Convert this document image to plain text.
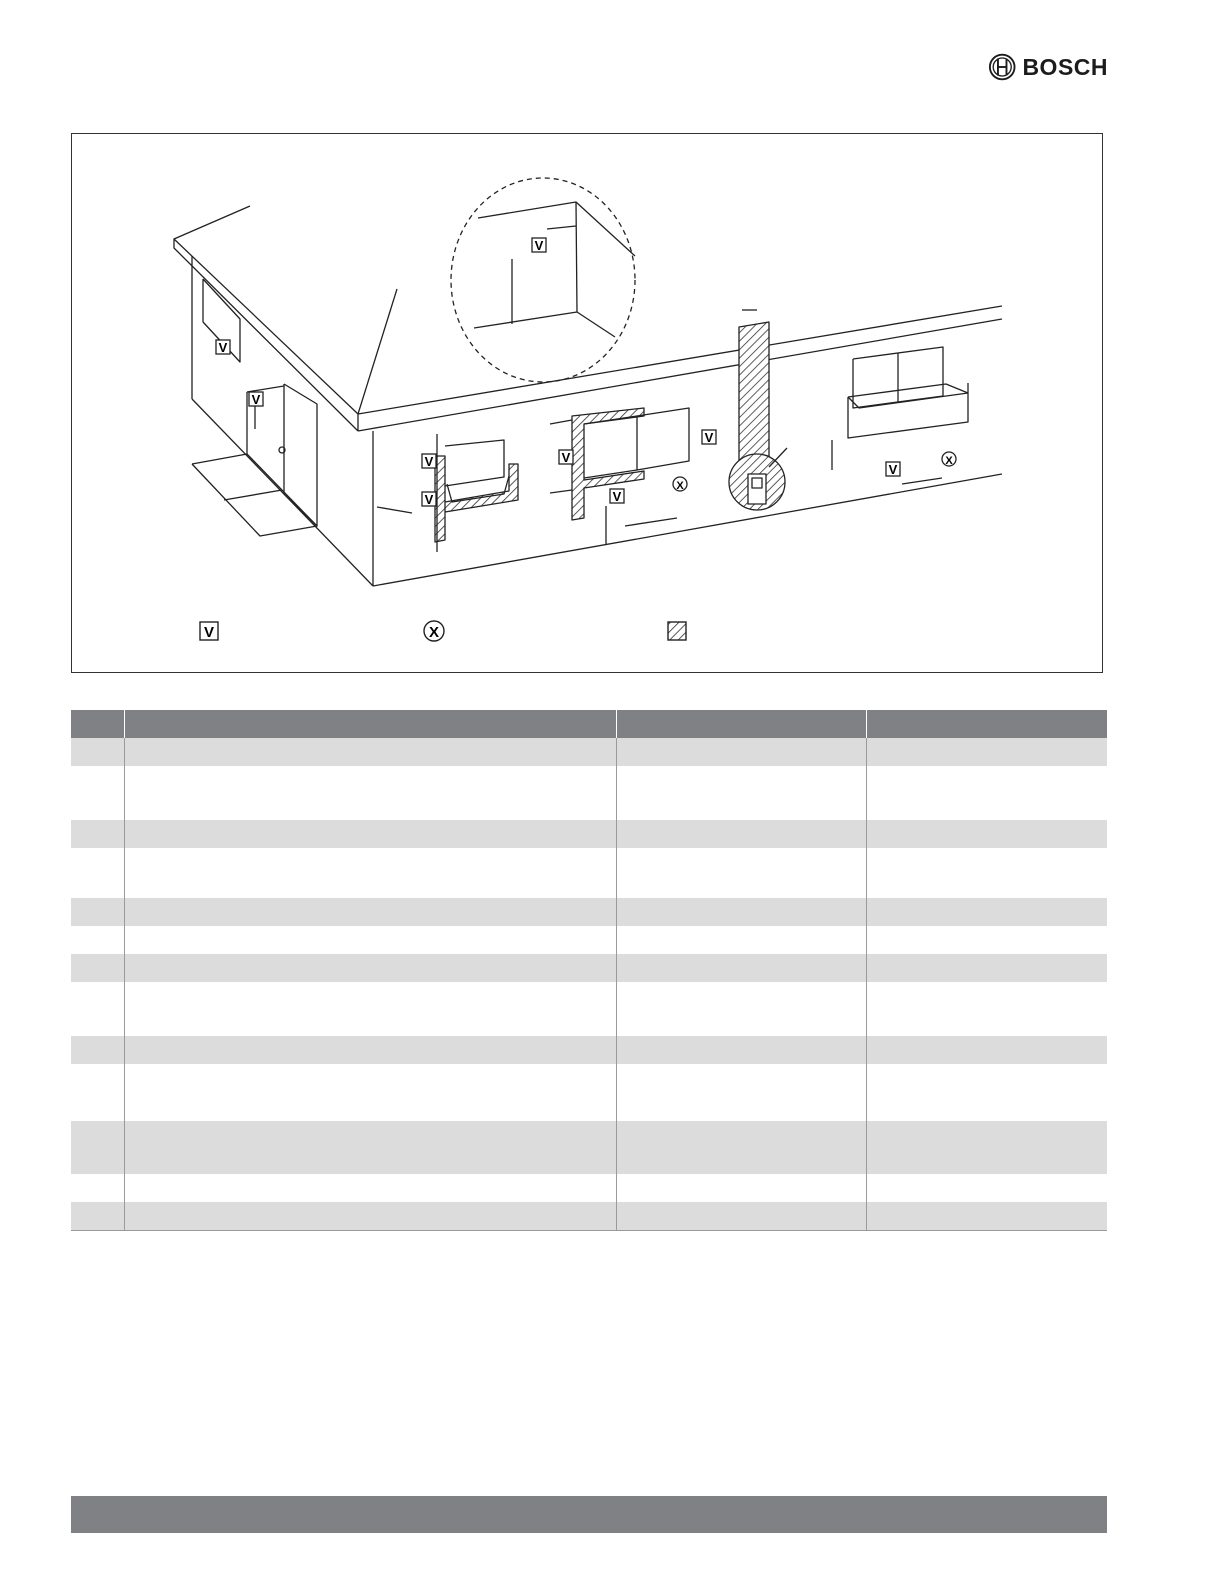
BOSCH
V
V
V
V
V
V
V
V
V
X
X
V	X
